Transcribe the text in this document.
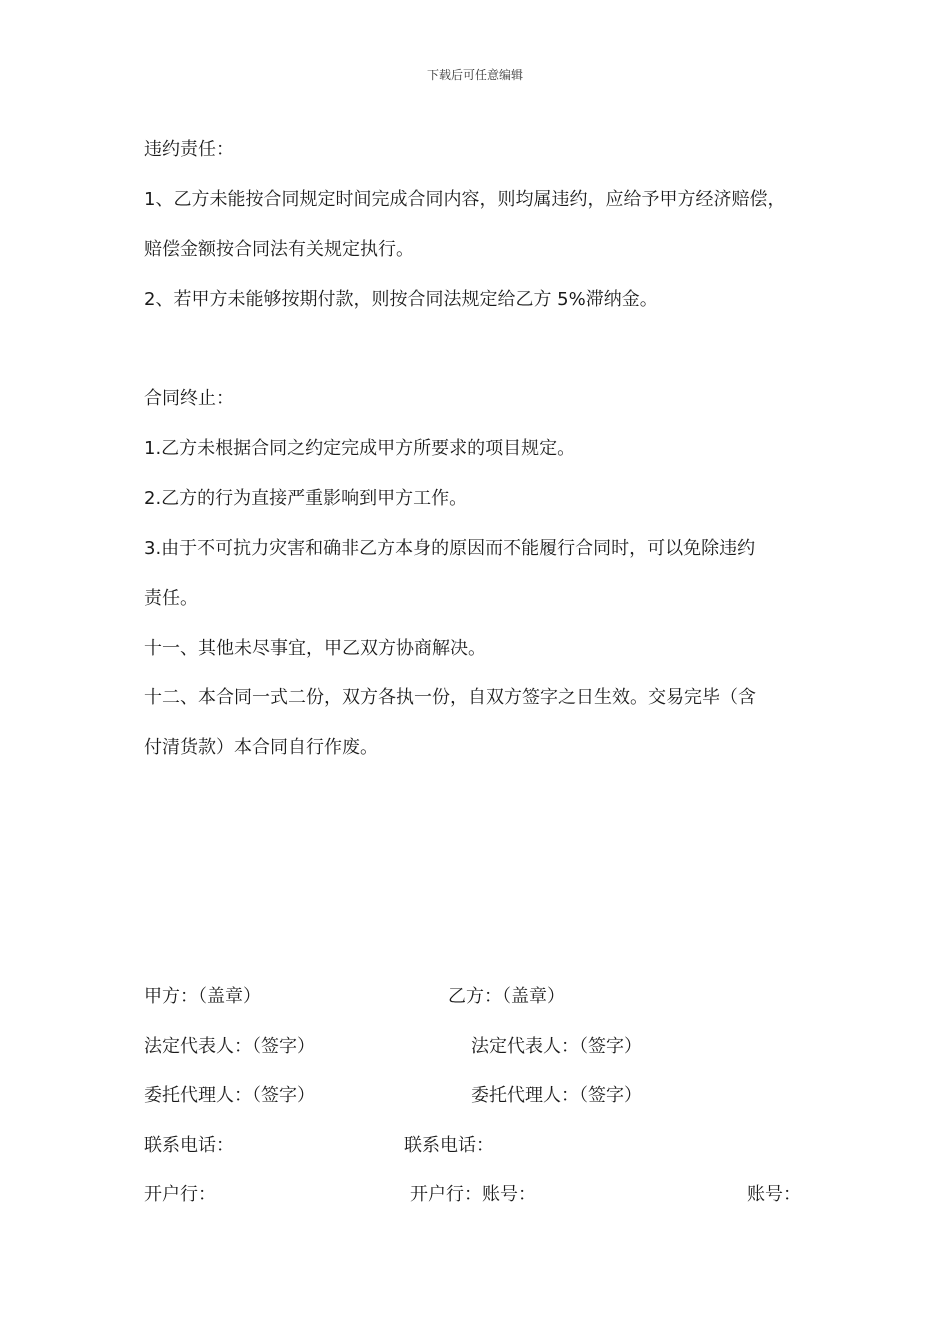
下载后可任意编辑
违约责任：
1、乙方未能按合同规定时间完成合同内容，则均属违约，应给予甲方经济赔偿，
赔偿金额按合同法有关规定执行。
2、若甲方未能够按期付款，则按合同法规定给乙方 5%滞纳金。
合同终止：
1.乙方未根据合同之约定完成甲方所要求的项目规定。
2.乙方的行为直接严重影响到甲方工作。
3.由于不可抗力灾害和确非乙方本身的原因而不能履行合同时，可以免除违约
责任。
十一、其他未尽事宜，甲乙双方协商解决。
十二、本合同一式二份，双方各执一份，自双方签字之日生效。交易完毕（含
付清货款）本合同自行作废。
甲方：（盖章）	乙方：（盖章）
法定代表人：（签字）	法定代表人：（签字）
委托代理人：（签字）	委托代理人：（签字）
联系电话：	联系电话：
开户行：	开户行：账号：	账号：
